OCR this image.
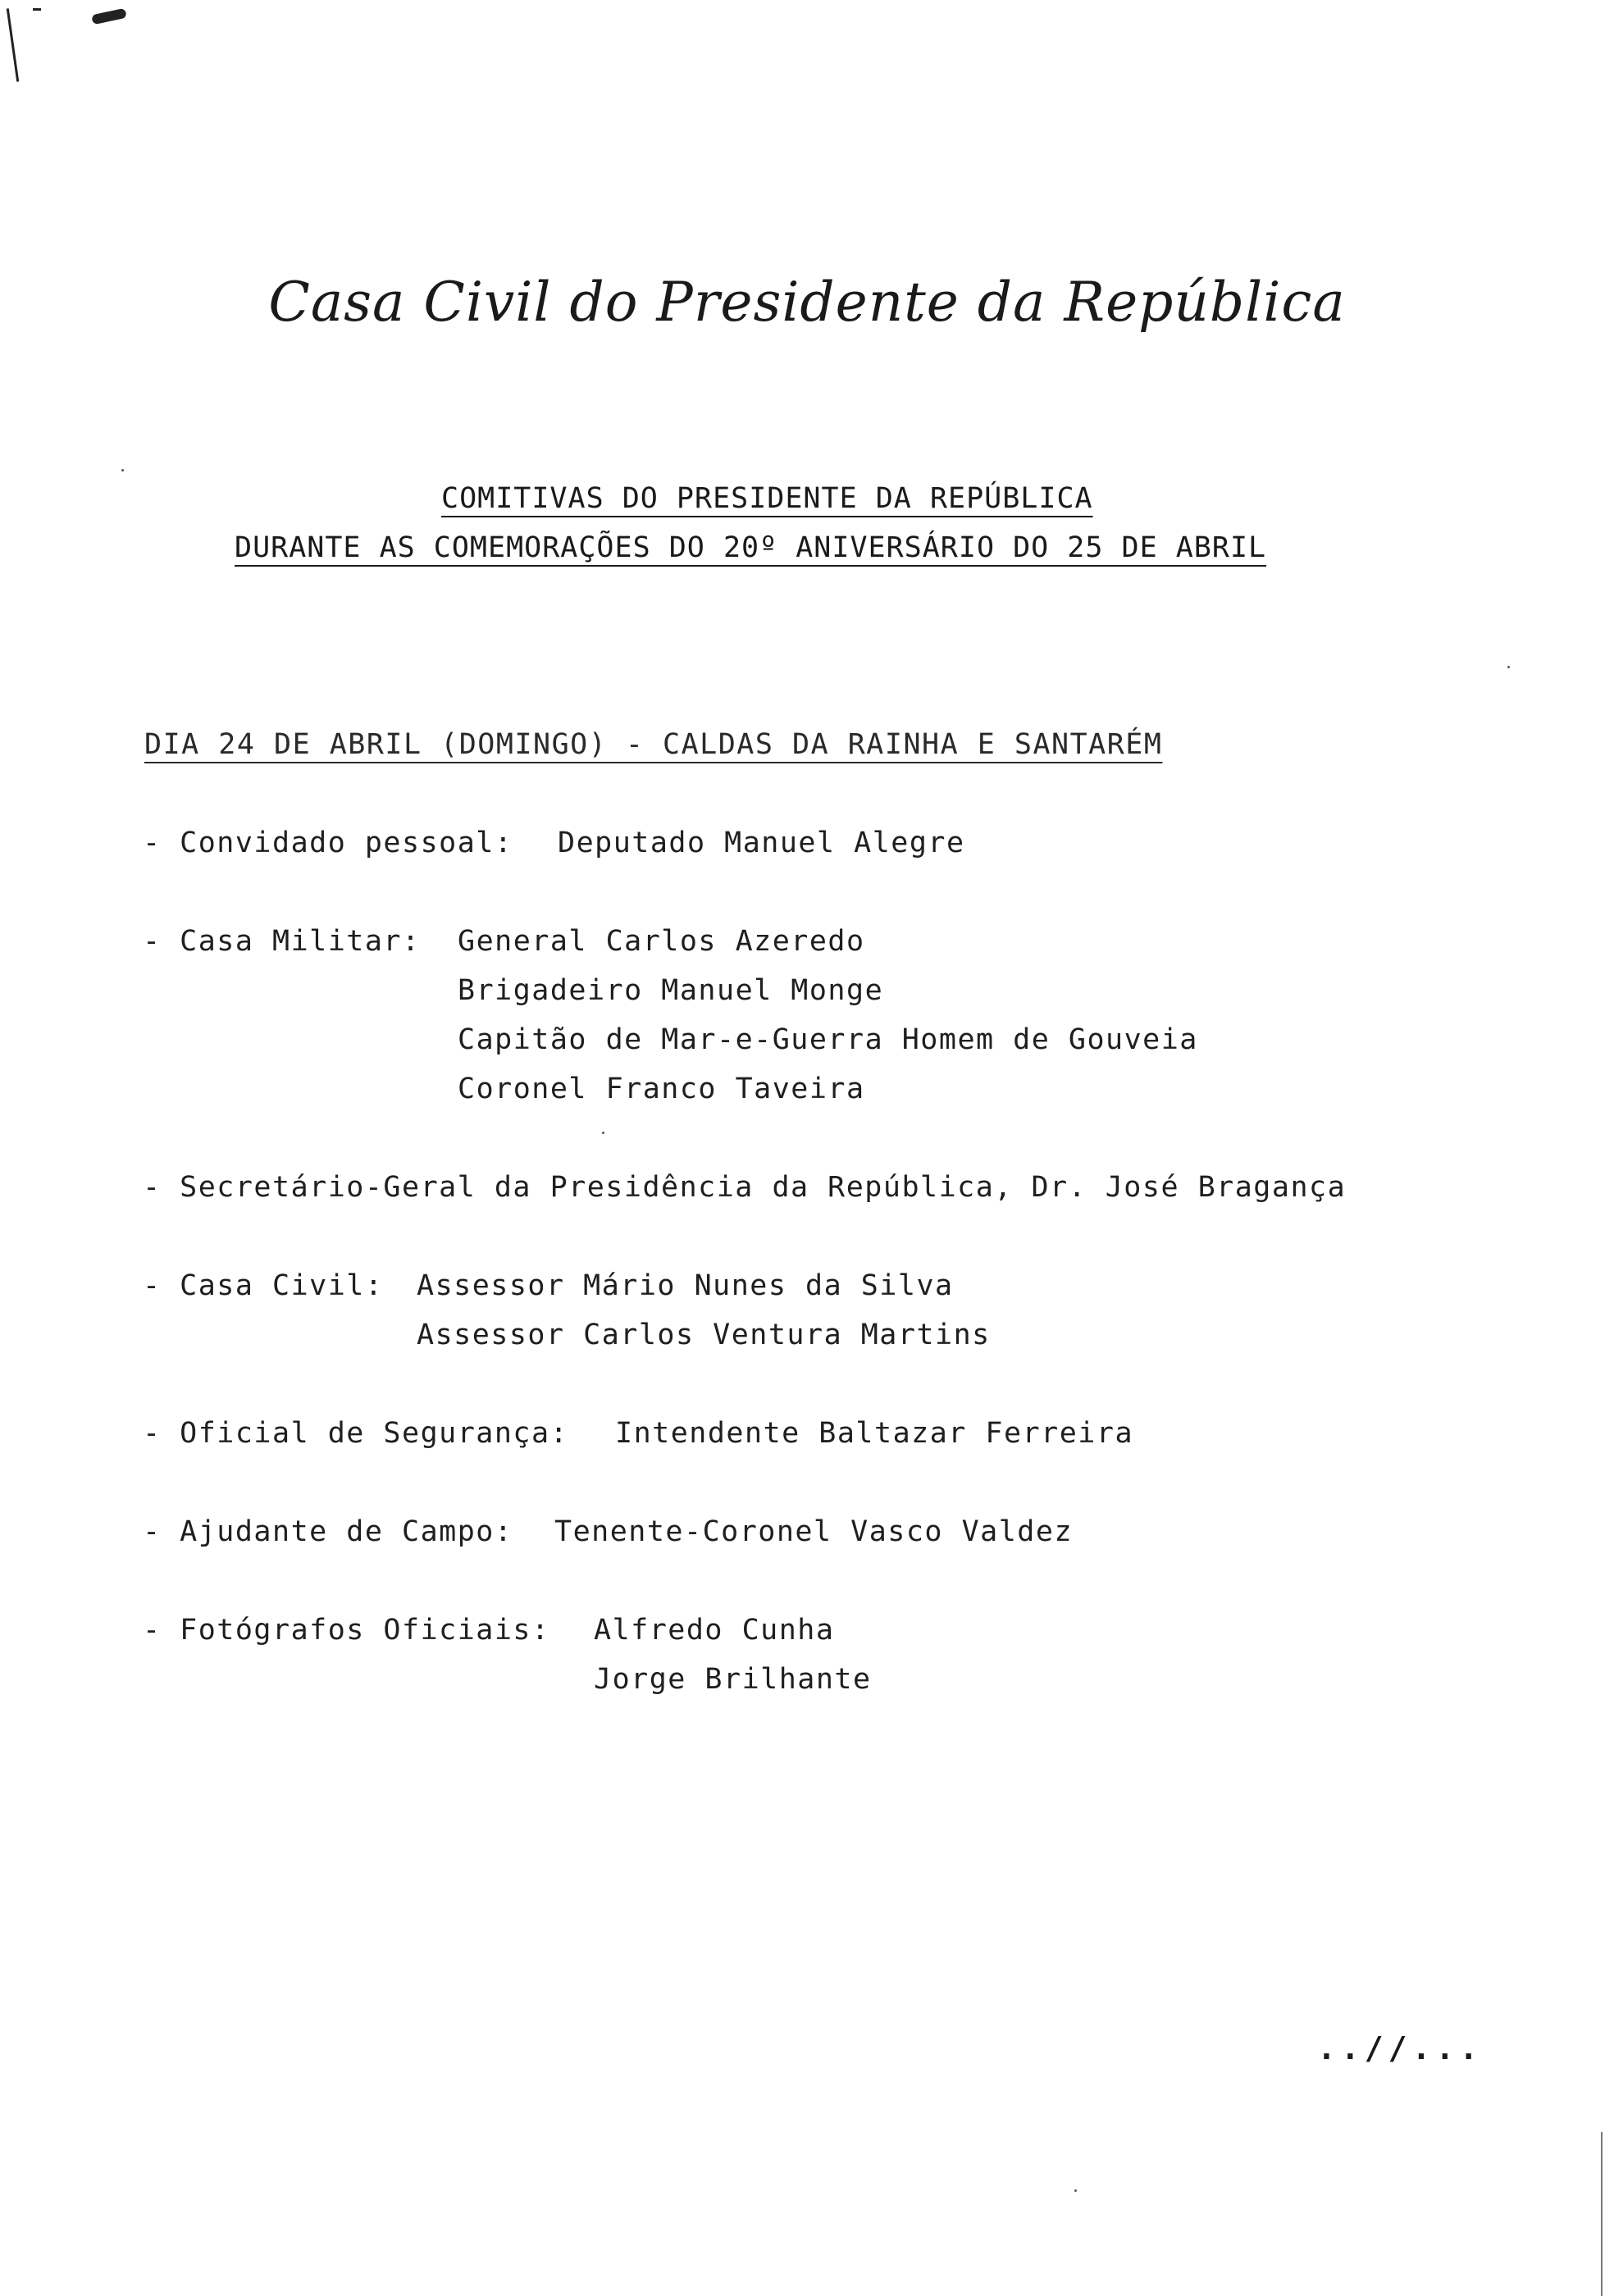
Casa Civil do Presidente da República
COMITIVAS DO PRESIDENTE DA REPÚBLICA
DURANTE AS COMEMORAÇÕES DO 20º ANIVERSÁRIO DO 25 DE ABRIL
DIA 24 DE ABRIL (DOMINGO) - CALDAS DA RAINHA E SANTARÉM
- Convidado pessoal: Deputado Manuel Alegre
- Casa Militar: General Carlos Azeredo
Brigadeiro Manuel Monge
Capitão de Mar-e-Guerra Homem de Gouveia
Coronel Franco Taveira
- Secretário-Geral da Presidência da República, Dr. José Bragança
- Casa Civil: Assessor Mário Nunes da Silva
Assessor Carlos Ventura Martins
- Oficial de Segurança: Intendente Baltazar Ferreira
- Ajudante de Campo: Tenente-Coronel Vasco Valdez
- Fotógrafos Oficiais: Alfredo Cunha
Jorge Brilhante
..//...
